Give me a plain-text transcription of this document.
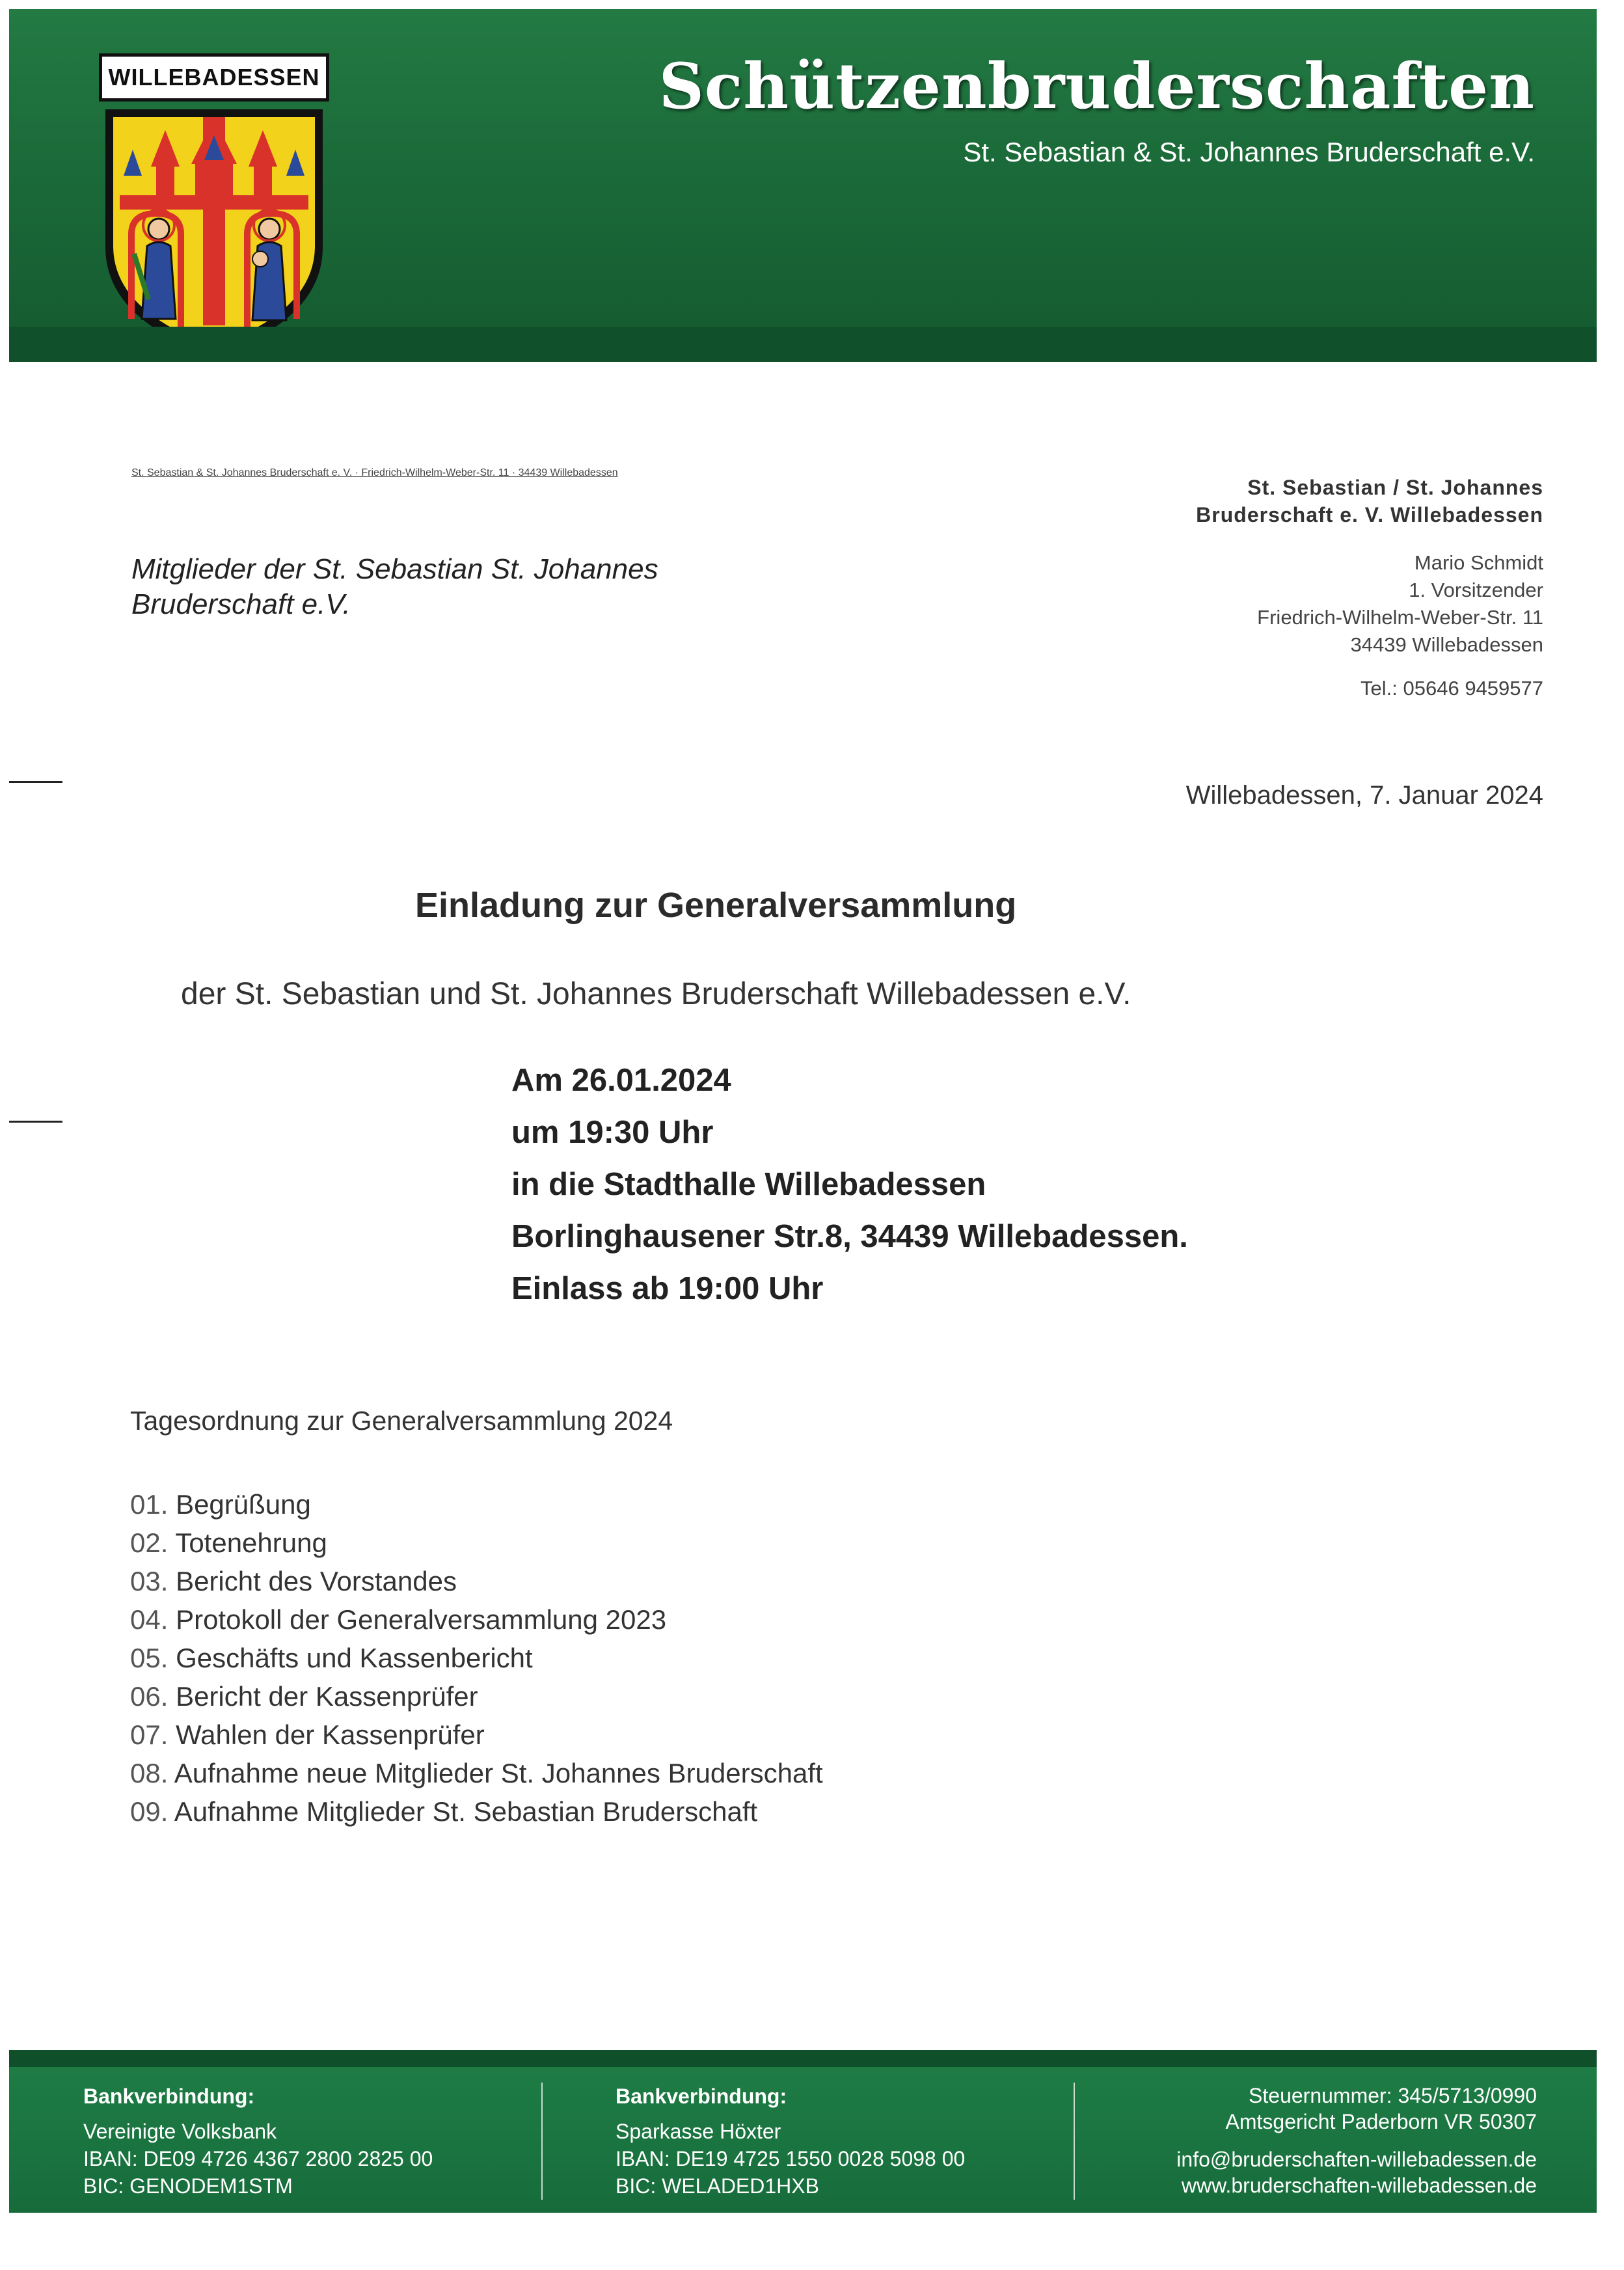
WILLEBADESSEN	Schützenbruderschaften
St. Sebastian & St. Johannes Bruderschaft e.V.
St. Sebastian & St. Johannes Bruderschaft e. V. · Friedrich-Wilhelm-Weber-Str. 11 · 34439 Willebadessen
Mitglieder der St. Sebastian St. Johannes
Bruderschaft e.V.
St. Sebastian / St. Johannes
Bruderschaft e. V. Willebadessen
Mario Schmidt
1. Vorsitzender
Friedrich-Wilhelm-Weber-Str. 11
34439 Willebadessen
Tel.: 05646 9459577
Willebadessen, 7. Januar 2024
Einladung zur Generalversammlung
der St. Sebastian und St. Johannes Bruderschaft Willebadessen e.V.
Am 26.01.2024
um 19:30 Uhr
in die Stadthalle Willebadessen
Borlinghausener Str.8, 34439 Willebadessen.
Einlass ab 19:00 Uhr
Tagesordnung zur Generalversammlung 2024
01. Begrüßung
02. Totenehrung
03. Bericht des Vorstandes
04. Protokoll der Generalversammlung 2023
05. Geschäfts und Kassenbericht
06. Bericht der Kassenprüfer
07. Wahlen der Kassenprüfer
08. Aufnahme neue Mitglieder St. Johannes Bruderschaft
09. Aufnahme Mitglieder St. Sebastian Bruderschaft
Bankverbindung:
Vereinigte Volksbank
IBAN: DE09 4726 4367 2800 2825 00
BIC: GENODEM1STM
Bankverbindung:
Sparkasse Höxter
IBAN: DE19 4725 1550 0028 5098 00
BIC: WELADED1HXB
Steuernummer: 345/5713/0990
Amtsgericht Paderborn VR 50307
info@bruderschaften-willebadessen.de
www.bruderschaften-willebadessen.de
